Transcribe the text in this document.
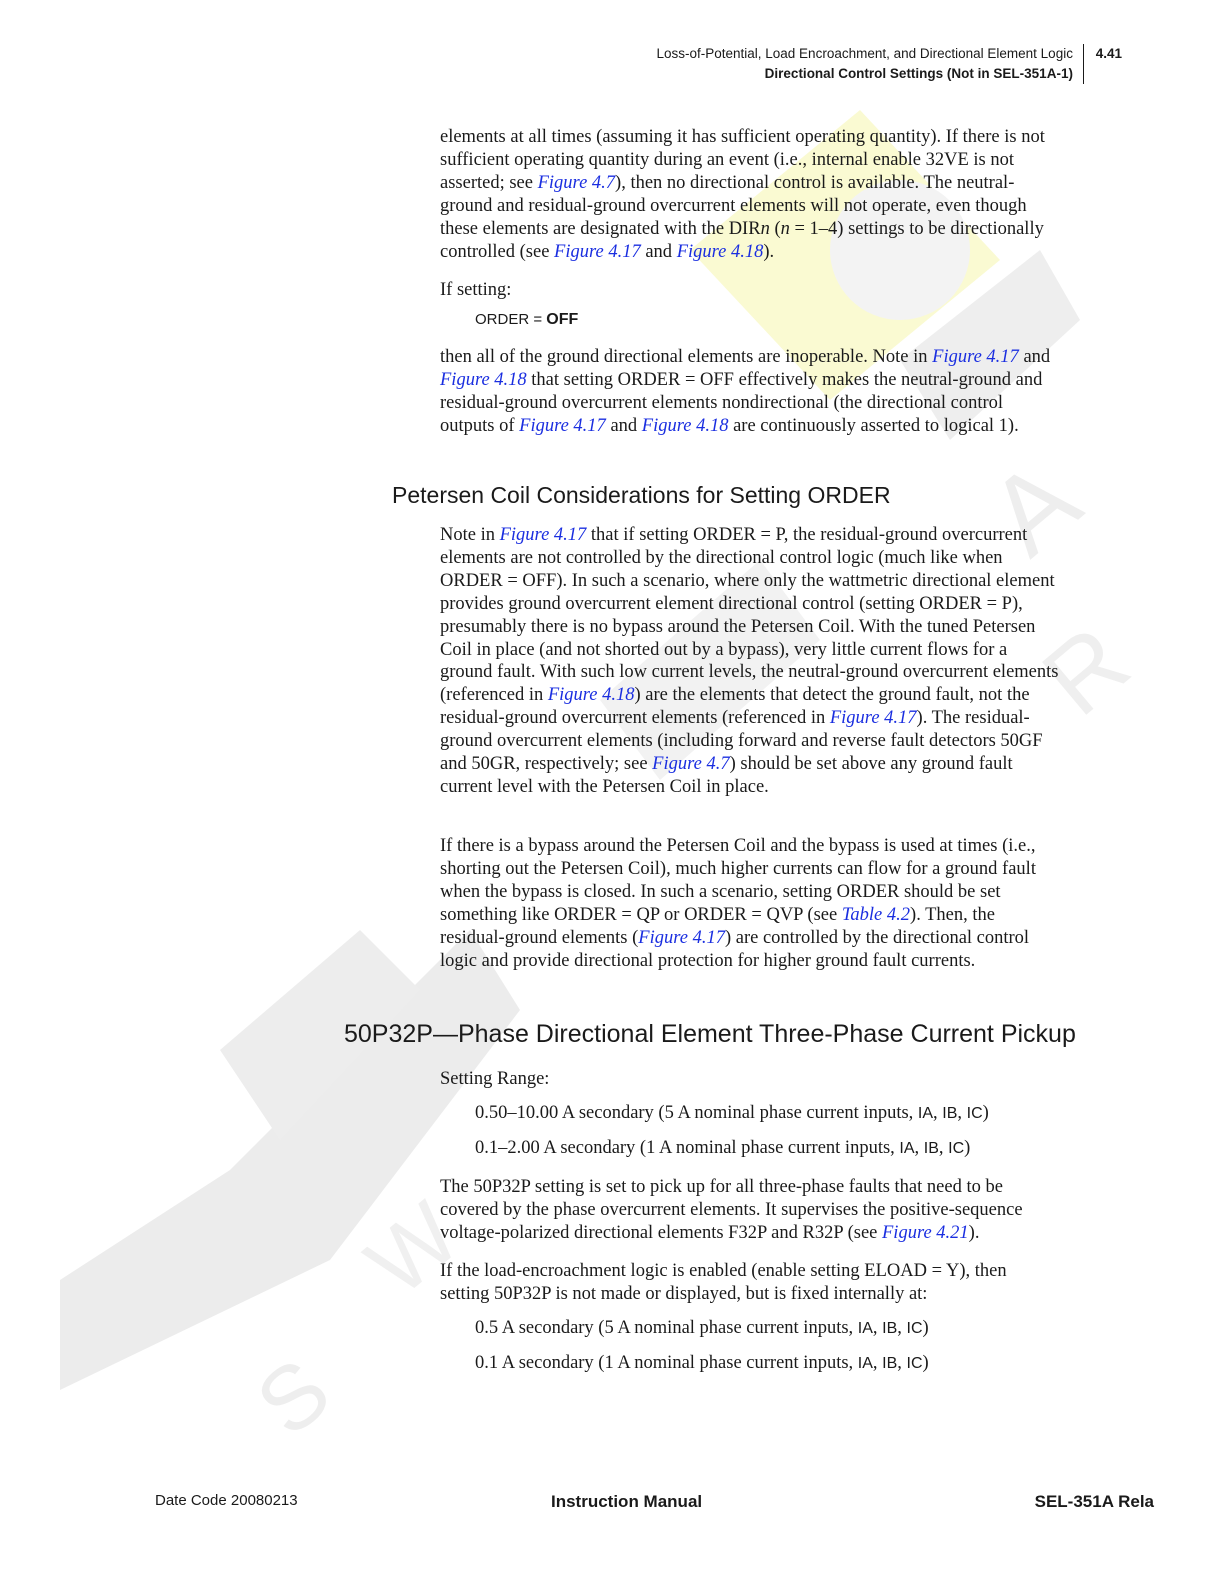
S
W
A
R
Loss-of-Potential, Load Encroachment, and Directional Element Logic
Directional Control Settings (Not in SEL-351A-1)
4.41

elements at all times (assuming it has sufficient operating quantity). If there is not sufficient operating quantity during an event (i.e., internal enable 32VE is not asserted; see Figure 4.7), then no directional control is available. The neutral-ground and residual-ground overcurrent elements will not operate, even though these elements are designated with the DIRn (n = 1–4) settings to be directionally controlled (see Figure 4.17 and Figure 4.18).

If setting:
ORDER = OFF

then all of the ground directional elements are inoperable. Note in Figure 4.17 and Figure 4.18 that setting ORDER = OFF effectively makes the neutral-ground and residual-ground overcurrent elements nondirectional (the directional control outputs of Figure 4.17 and Figure 4.18 are continuously asserted to logical 1).

Petersen Coil Considerations for Setting ORDER

Note in Figure 4.17 that if setting ORDER = P, the residual-ground overcurrent elements are not controlled by the directional control logic (much like when ORDER = OFF). In such a scenario, where only the wattmetric directional element provides ground overcurrent element directional control (setting ORDER = P), presumably there is no bypass around the Petersen Coil. With the tuned Petersen Coil in place (and not shorted out by a bypass), very little current flows for a ground fault. With such low current levels, the neutral-ground overcurrent elements (referenced in Figure 4.18) are the elements that detect the ground fault, not the residual-ground overcurrent elements (referenced in Figure 4.17). The residual-ground overcurrent elements (including forward and reverse fault detectors 50GF and 50GR, respectively; see Figure 4.7) should be set above any ground fault current level with the Petersen Coil in place.

If there is a bypass around the Petersen Coil and the bypass is used at times (i.e., shorting out the Petersen Coil), much higher currents can flow for a ground fault when the bypass is closed. In such a scenario, setting ORDER should be set something like ORDER = QP or ORDER = QVP (see Table 4.2). Then, the residual-ground elements (Figure 4.17) are controlled by the directional control logic and provide directional protection for higher ground fault currents.

50P32P—Phase Directional Element Three-Phase Current Pickup
Setting Range:
0.50–10.00 A secondary (5 A nominal phase current inputs, IA, IB, IC)
0.1–2.00 A secondary (1 A nominal phase current inputs, IA, IB, IC)

The 50P32P setting is set to pick up for all three-phase faults that need to be covered by the phase overcurrent elements. It supervises the positive-sequence voltage-polarized directional elements F32P and R32P (see Figure 4.21).

If the load-encroachment logic is enabled (enable setting ELOAD = Y), then setting 50P32P is not made or displayed, but is fixed internally at:
0.5 A secondary (5 A nominal phase current inputs, IA, IB, IC)
0.1 A secondary (1 A nominal phase current inputs, IA, IB, IC)
Date Code 20080213	Instruction Manual	SEL-351A Rela
